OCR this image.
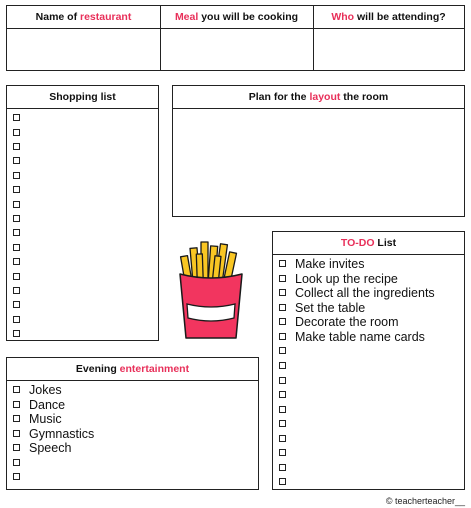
Name of restaurant	Meal you will be cooking	Who will be attending?
Shopping list	Plan for the layout the room
TO-DO List
Make invites
Look up the recipe
Collect all the ingredients
Set the table
Decorate the room
Make table name cards
Evening entertainment
Jokes
Dance
Music
Gymnastics
Speech
© teacherteacher__
